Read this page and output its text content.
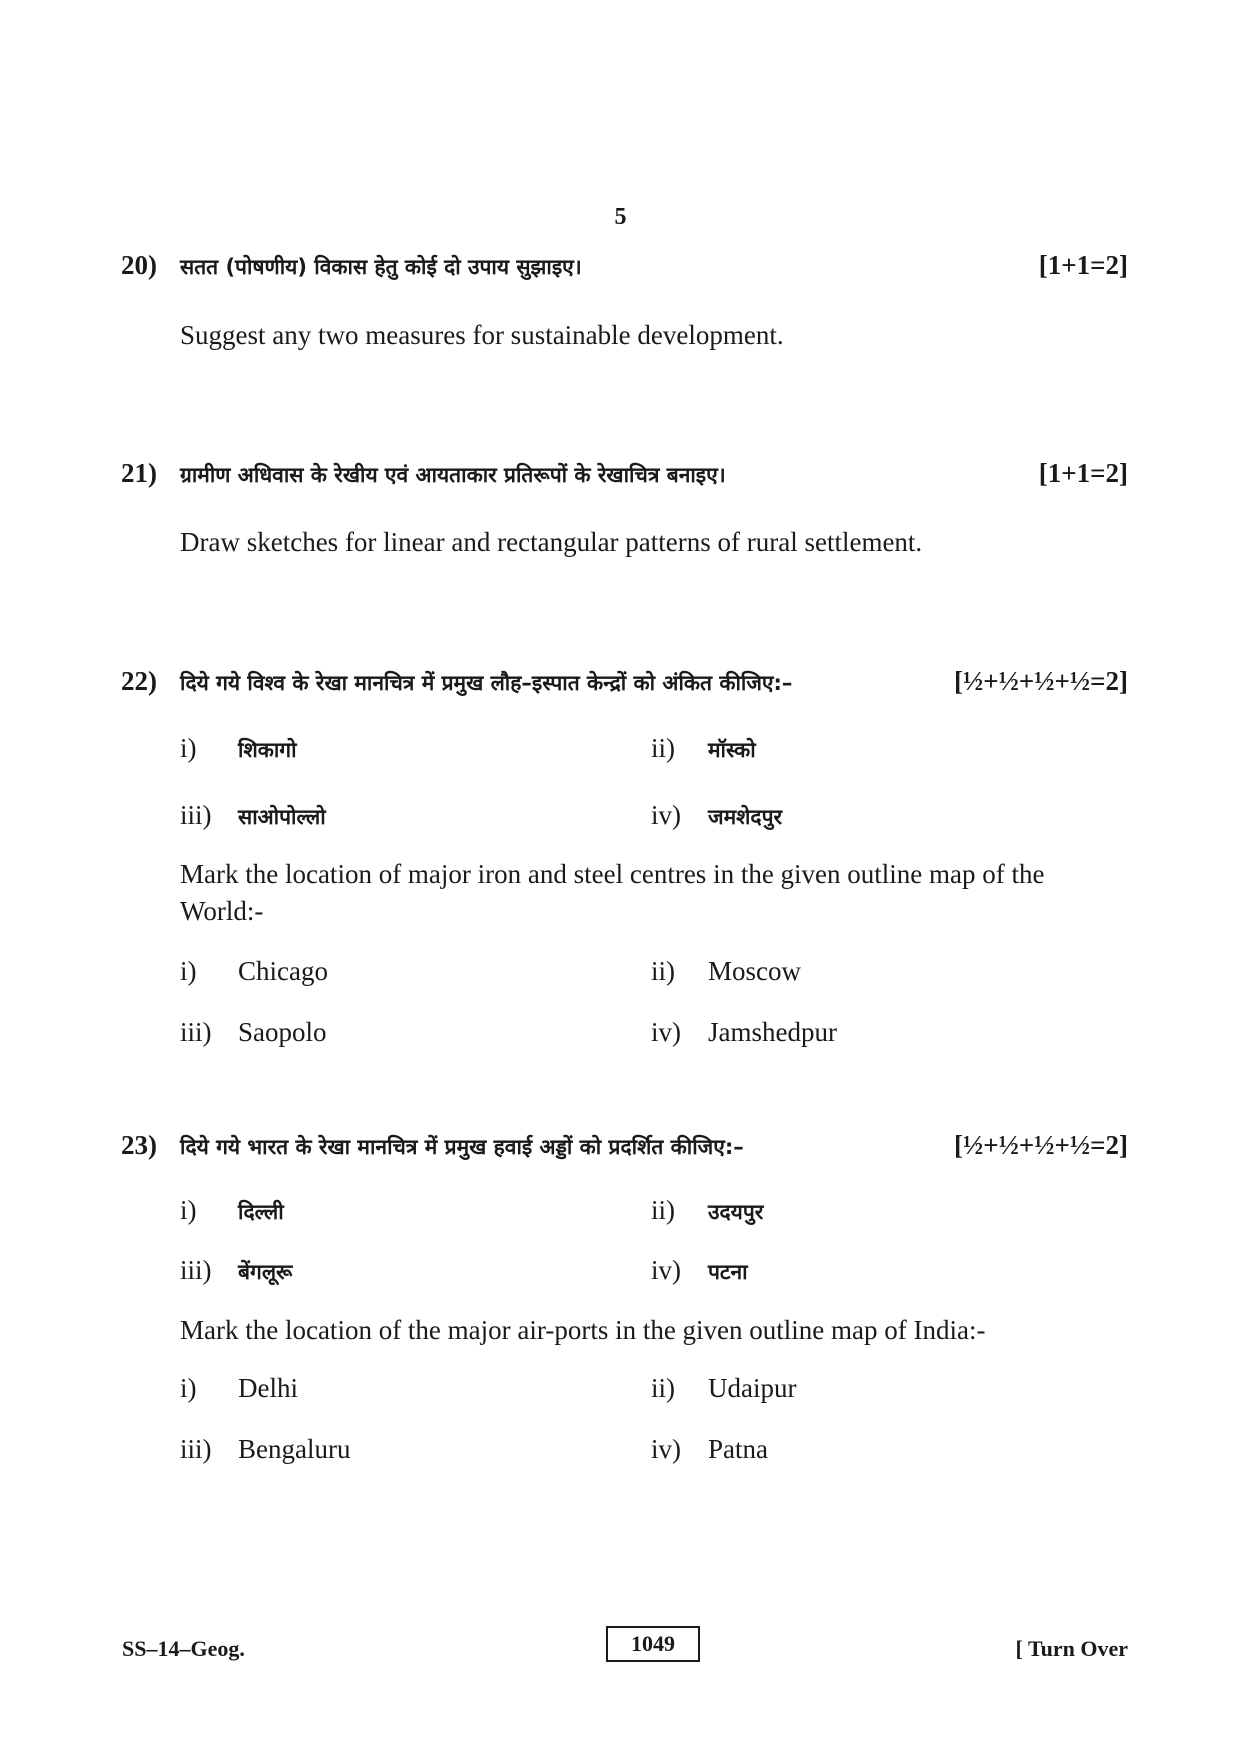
5
20) सतत (पोषणीय) विकास हेतु कोई दो उपाय सुझाइए।	[1+1=2]
Suggest any two measures for sustainable development.
21) ग्रामीण अधिवास के रेखीय एवं आयताकार प्रतिरूपों के रेखाचित्र बनाइए।	[1+1=2]
Draw sketches for linear and rectangular patterns of rural settlement.
22) दिये गये विश्व के रेखा मानचित्र में प्रमुख लौह–इस्पात केन्द्रों को अंकित कीजिए:–	[½+½+½+½=2]
i) शिकागो	ii) मॉस्को
iii) साओपोल्लो	iv) जमशेदपुर
Mark the location of major iron and steel centres in the given outline map of the World:-
i) Chicago	ii) Moscow
iii) Saopolo	iv) Jamshedpur
23) दिये गये भारत के रेखा मानचित्र में प्रमुख हवाई अड्डों को प्रदर्शित कीजिए:–	[½+½+½+½=2]
i) दिल्ली	ii) उदयपुर
iii) बेंगलूरू	iv) पटना
Mark the location of the major air-ports in the given outline map of India:-
i) Delhi	ii) Udaipur
iii) Bengaluru	iv) Patna
SS–14–Geog.	1049	[ Turn Over
